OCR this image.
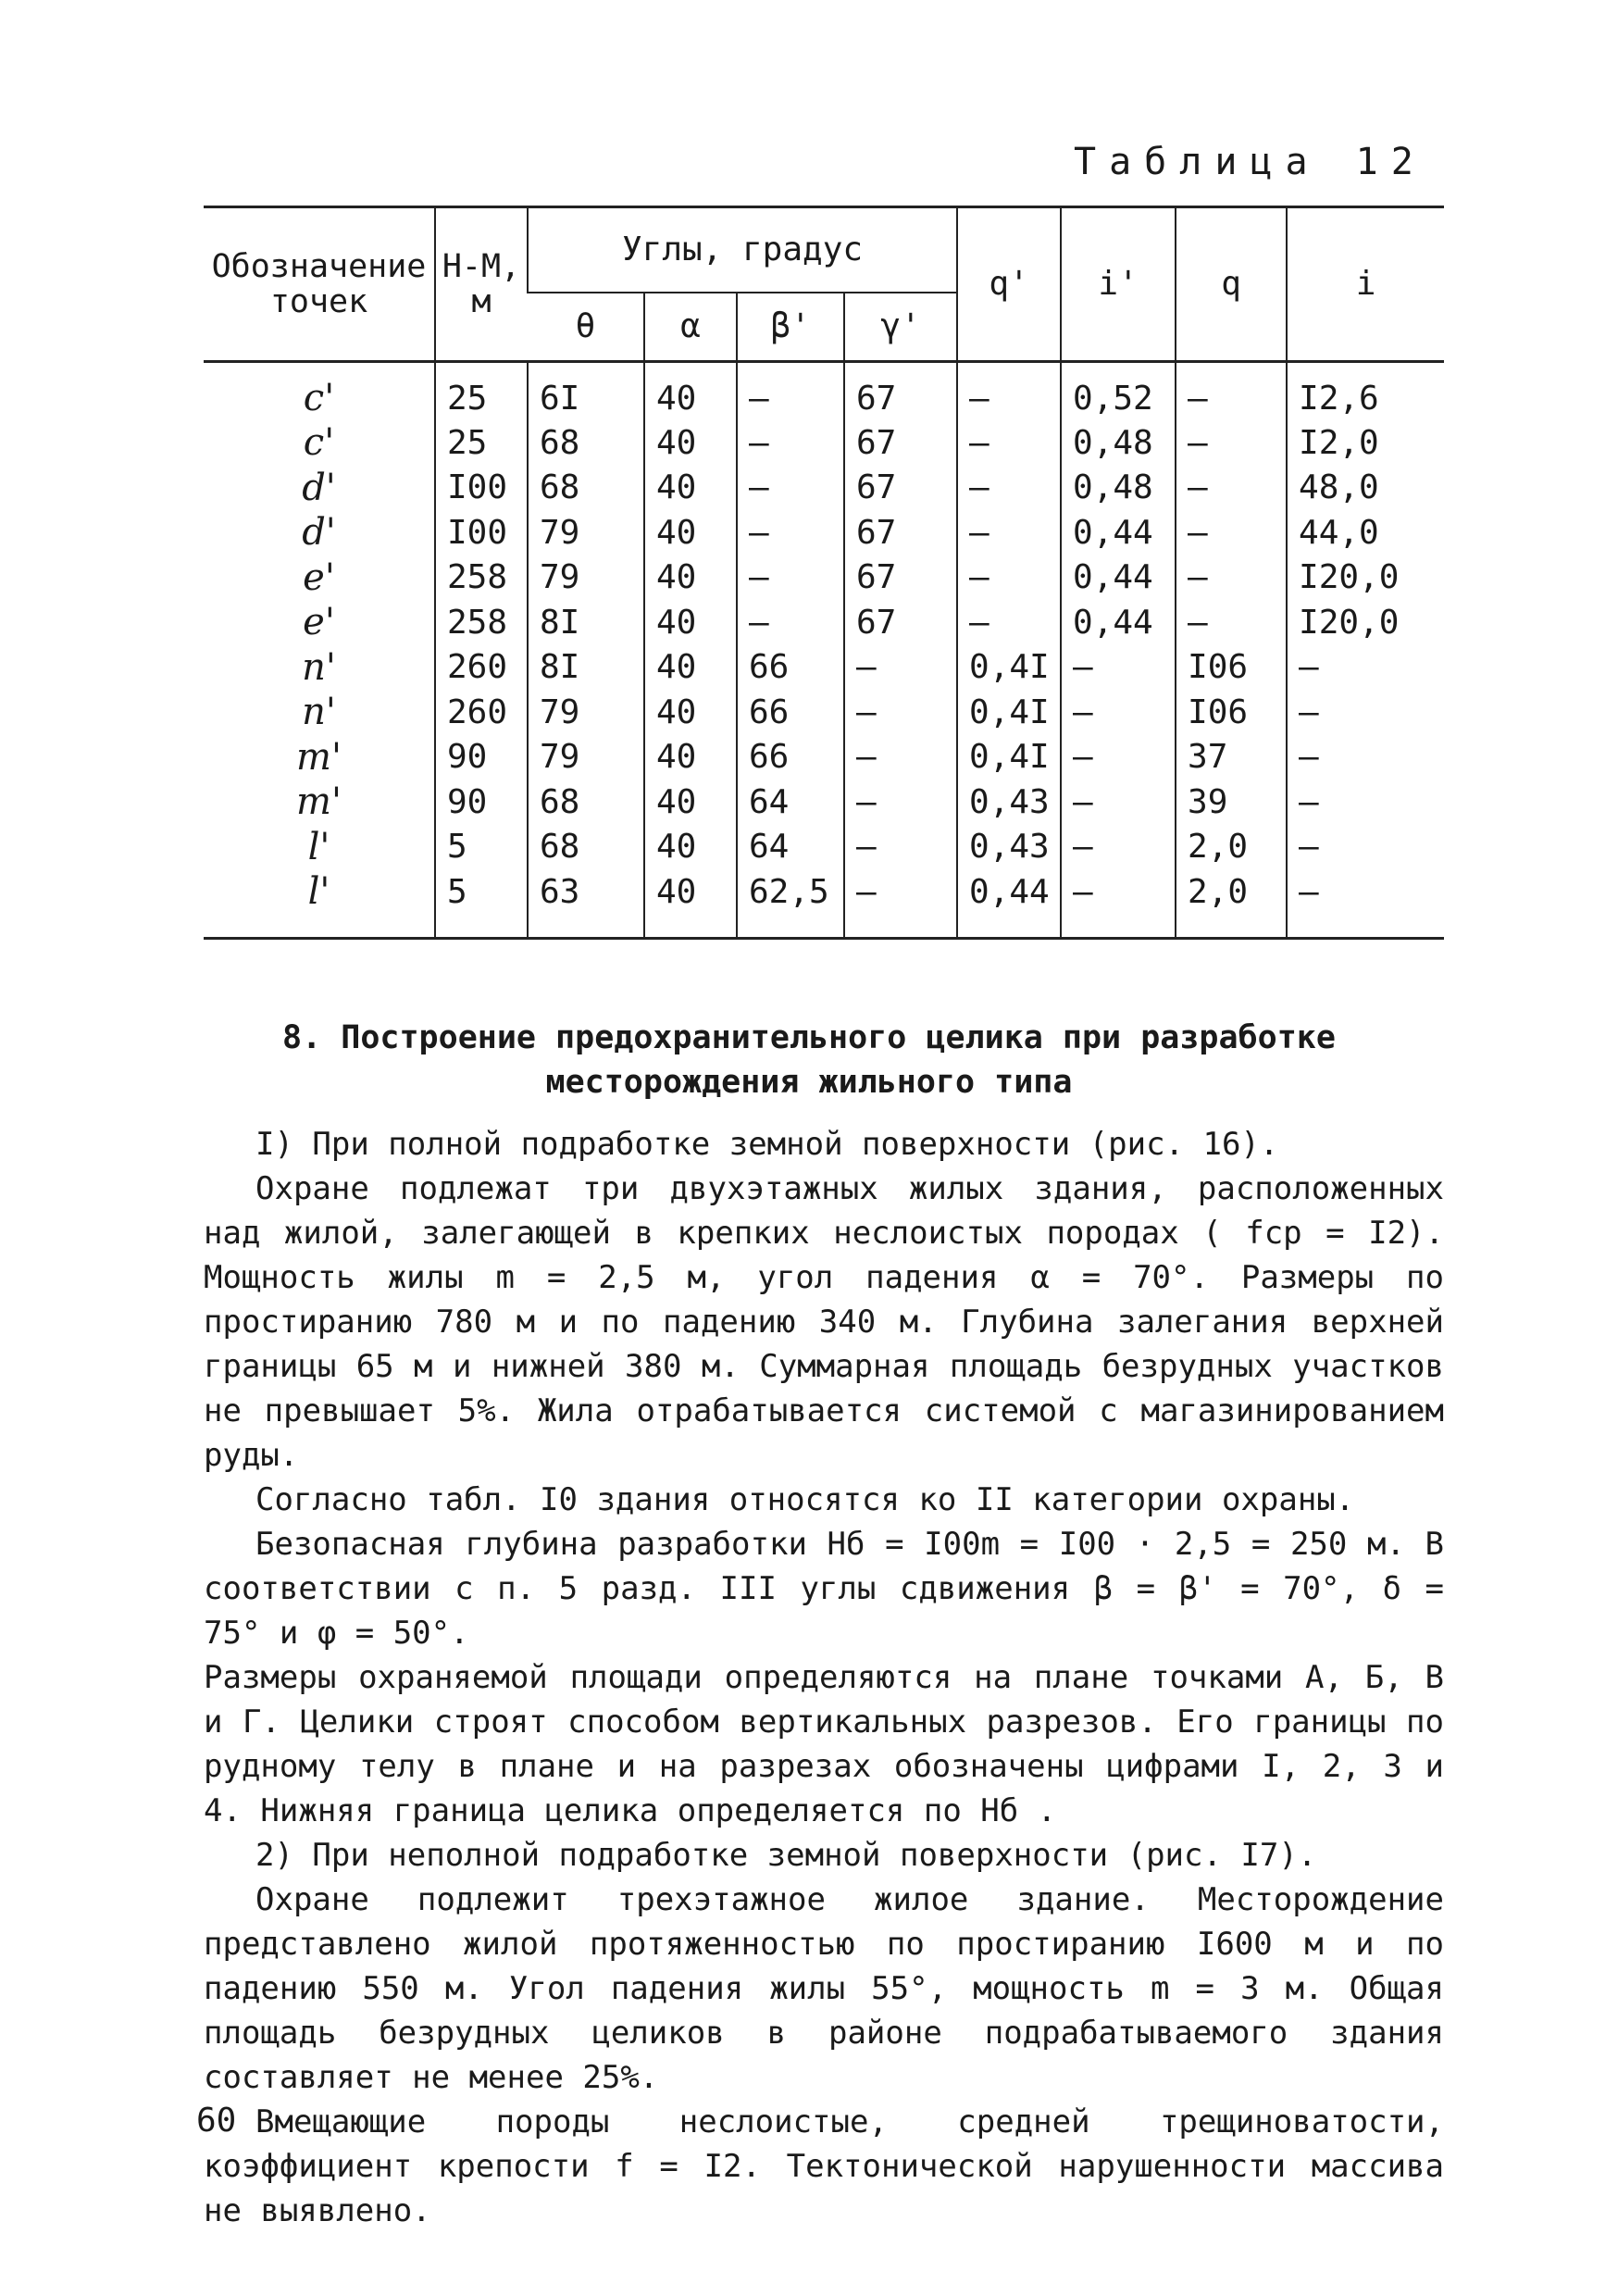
Таблица 12
Обозначение точек	Н-М, м	Углы, градус				q'	i'	q	i
		θ	α	β'	γ'				
c'	25	6I	40	–	67	–	0,52	–	I2,6
c'	25	68	40	–	67	–	0,48	–	I2,0
d'	I00	68	40	–	67	–	0,48	–	48,0
d'	I00	79	40	–	67	–	0,44	–	44,0
e'	258	79	40	–	67	–	0,44	–	I20,0
e'	258	8I	40	–	67	–	0,44	–	I20,0
n'	260	8I	40	66	–	0,4I	–	I06	–
n'	260	79	40	66	–	0,4I	–	I06	–
m'	90	79	40	66	–	0,4I	–	37	–
m'	90	68	40	64	–	0,43	–	39	–
l'	5	68	40	64	–	0,43	–	2,0	–
l'	5	63	40	62,5	–	0,44	–	2,0	–
8. Построение предохранительного целика при разработке
месторождения жильного типа

I) При полной подработке земной поверхности (рис. 16).

Охране подлежат три двухэтажных жилых здания, расположенных над жилой, залегающей в крепких неслоистых породах ( fср = I2). Мощность жилы m = 2,5 м, угол падения α = 70°. Размеры по простиранию 780 м и по падению 340 м. Глубина залегания верхней границы 65 м и нижней 380 м. Суммарная площадь безрудных участков не превышает 5%. Жила отрабатывается системой с магазинированием руды.

Согласно табл. I0 здания относятся ко II категории охраны.

Безопасная глубина разработки Hб = I00m = I00 · 2,5 = 250 м. В соответствии с п. 5 разд. III углы сдвижения β = β' = 70°, δ = 75° и φ = 50°.

Размеры охраняемой площади определяются на плане точками А, Б, В и Г. Целики строят способом вертикальных разрезов. Его границы по рудному телу в плане и на разрезах обозначены цифрами I, 2, 3 и 4. Нижняя граница целика определяется по Hб .

2) При неполной подработке земной поверхности (рис. I7).

Охране подлежит трехэтажное жилое здание. Месторождение представлено жилой протяженностью по простиранию I600 м и по падению 550 м. Угол падения жилы 55°, мощность m = 3 м. Общая площадь безрудных целиков в районе подрабатываемого здания составляет не менее 25%.

Вмещающие породы неслоистые, средней трещиноватости, коэффициент крепости f = I2. Тектонической нарушенности массива не выявлено.

60
